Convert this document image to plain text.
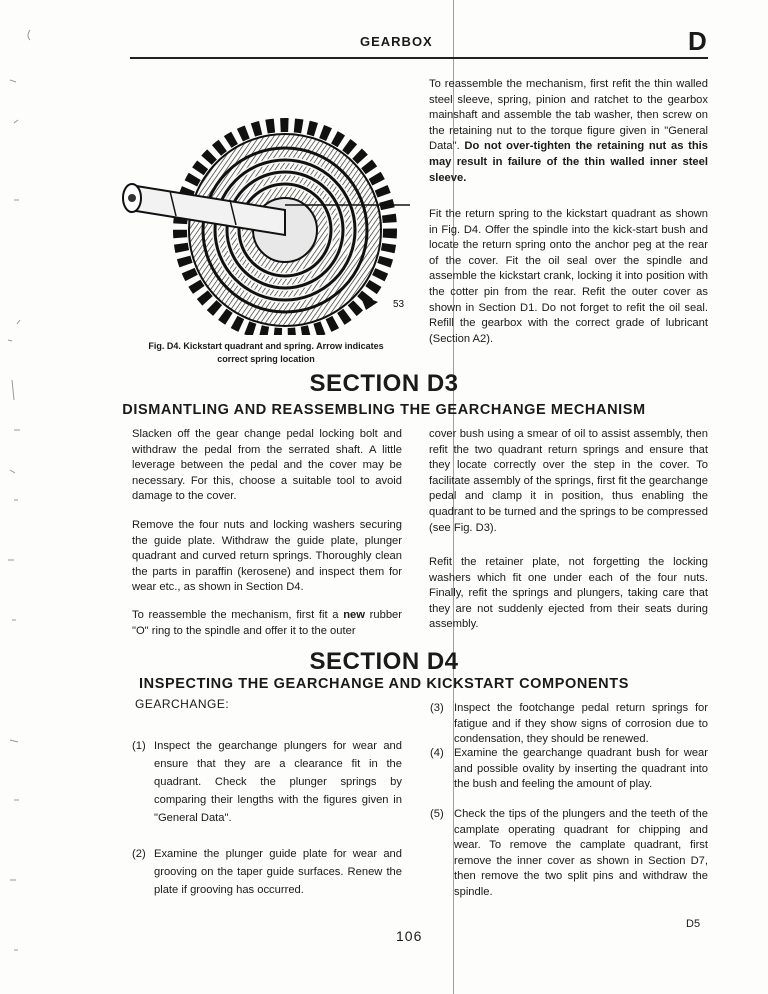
GEARBOX	D
To reassemble the mechanism, first refit the thin walled steel sleeve, spring, pinion and ratchet to the gearbox mainshaft and assemble the tab washer, then screw on the retaining nut to the torque figure given in "General Data". Do not over-tighten the retaining nut as this may result in failure of the thin walled inner steel sleeve.
Fit the return spring to the kickstart quadrant as shown in Fig. D4. Offer the spindle into the kick-start bush and locate the return spring onto the anchor peg at the rear of the cover. Fit the oil seal over the spindle and assemble the kickstart crank, locking it into position with the cotter pin from the rear. Refit the outer cover as shown in Section D1. Do not forget to refit the oil seal. Refill the gearbox with the correct grade of lubricant (Section A2).
53
Fig. D4. Kickstart quadrant and spring. Arrow indicates correct spring location
SECTION D3
DISMANTLING AND REASSEMBLING THE GEARCHANGE MECHANISM
Slacken off the gear change pedal locking bolt and withdraw the pedal from the serrated shaft. A little leverage between the pedal and the cover may be necessary. For this, choose a suitable tool to avoid damage to the cover.
Remove the four nuts and locking washers securing the guide plate. Withdraw the guide plate, plunger quadrant and curved return springs. Thoroughly clean the parts in paraffin (kerosene) and inspect them for wear etc., as shown in Section D4.
To reassemble the mechanism, first fit a new rubber "O" ring to the spindle and offer it to the outer
cover bush using a smear of oil to assist assembly, then refit the two quadrant return springs and ensure that they locate correctly over the step in the cover. To facilitate assembly of the springs, first fit the gearchange pedal and clamp it in position, thus enabling the quadrant to be turned and the springs to be compressed (see Fig. D3).
Refit the retainer plate, not forgetting the locking washers which fit one under each of the four nuts. Finally, refit the springs and plungers, taking care that they are not suddenly ejected from their seats during assembly.
SECTION D4
INSPECTING THE GEARCHANGE AND KICKSTART COMPONENTS
GEARCHANGE:
(1) Inspect the gearchange plungers for wear and ensure that they are a clearance fit in the quadrant. Check the plunger springs by comparing their lengths with the figures given in "General Data".
(2) Examine the plunger guide plate for wear and grooving on the taper guide surfaces. Renew the plate if grooving has occurred.
(3) Inspect the footchange pedal return springs for fatigue and if they show signs of corrosion due to condensation, they should be renewed.
(4) Examine the gearchange quadrant bush for wear and possible ovality by inserting the quadrant into the bush and feeling the amount of play.
(5) Check the tips of the plungers and the teeth of the camplate operating quadrant for chipping and wear. To remove the camplate quadrant, first remove the inner cover as shown in Section D7, then remove the two split pins and withdraw the spindle.
106
D5
